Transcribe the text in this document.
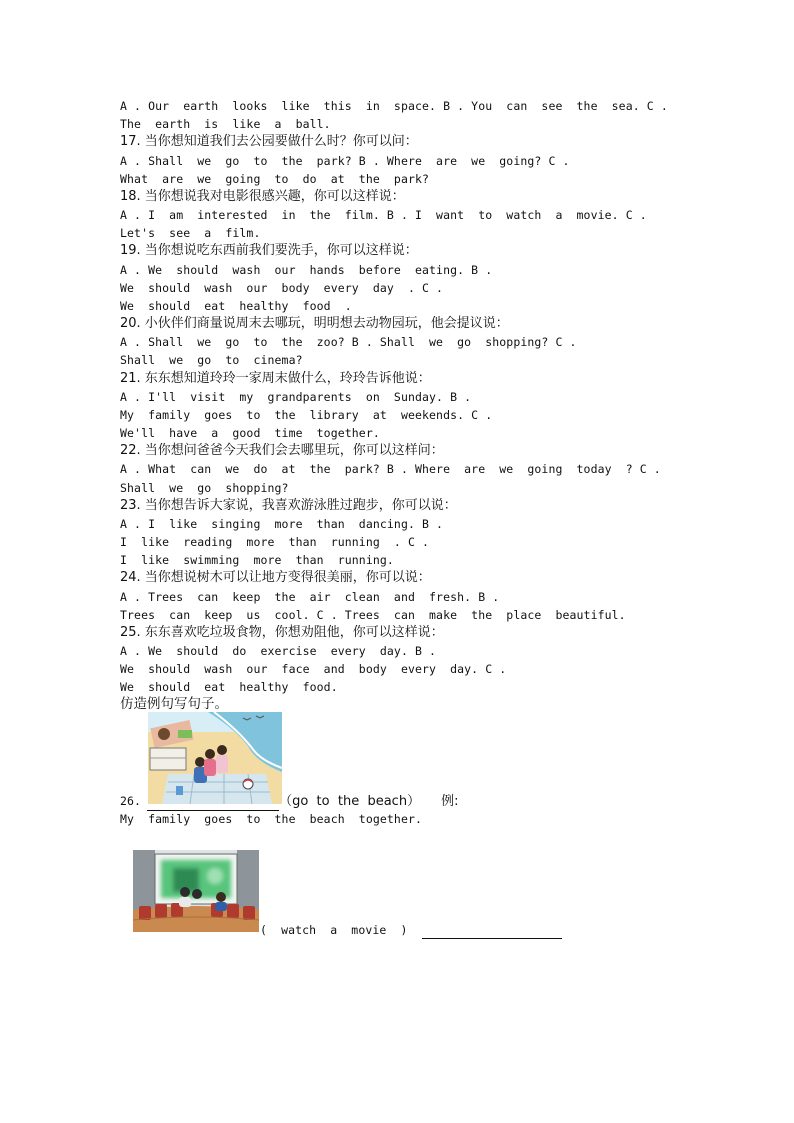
A . Our  earth  looks  like  this  in  space. B . You  can  see  the  sea. C .
The  earth  is  like  a  ball.
17. 当你想知道我们去公园要做什么时？你可以问：
A . Shall  we  go  to  the  park? B . Where  are  we  going? C .
What  are  we  going  to  do  at  the  park?
18. 当你想说我对电影很感兴趣，你可以这样说：
A . I  am  interested  in  the  film. B . I  want  to  watch  a  movie. C .
Let's  see  a  film.
19. 当你想说吃东西前我们要洗手，你可以这样说：
A . We  should  wash  our  hands  before  eating. B .
We  should  wash  our  body  every  day  . C .
We  should  eat  healthy  food  .
20. 小伙伴们商量说周末去哪玩，明明想去动物园玩，他会提议说：
A . Shall  we  go  to  the  zoo? B . Shall  we  go  shopping? C .
Shall  we  go  to  cinema?
21. 东东想知道玲玲一家周末做什么，玲玲告诉他说：
A . I'll  visit  my  grandparents  on  Sunday. B .
My  family  goes  to  the  library  at  weekends. C .
We'll  have  a  good  time  together.
22. 当你想问爸爸今天我们会去哪里玩，你可以这样问：
A . What  can  we  do  at  the  park? B . Where  are  we  going  today  ? C .
Shall  we  go  shopping?
23. 当你想告诉大家说，我喜欢游泳胜过跑步，你可以说：
A . I  like  singing  more  than  dancing. B .
I  like  reading  more  than  running  . C .
I  like  swimming  more  than  running.
24. 当你想说树木可以让地方变得很美丽，你可以说：
A . Trees  can  keep  the  air  clean  and  fresh. B .
Trees  can  keep  us  cool. C . Trees  can  make  the  place  beautiful.
25. 东东喜欢吃垃圾食物，你想劝阻他，你可以这样说：
A . We  should  do  exercise  every  day. B .
We  should  wash  our  face  and  body  every  day. C .
We  should  eat  healthy  food.
仿造例句写句子。
26.	（go  to  the  beach） 例:
My  family  goes  to  the  beach  together.
(  watch  a  movie  )
